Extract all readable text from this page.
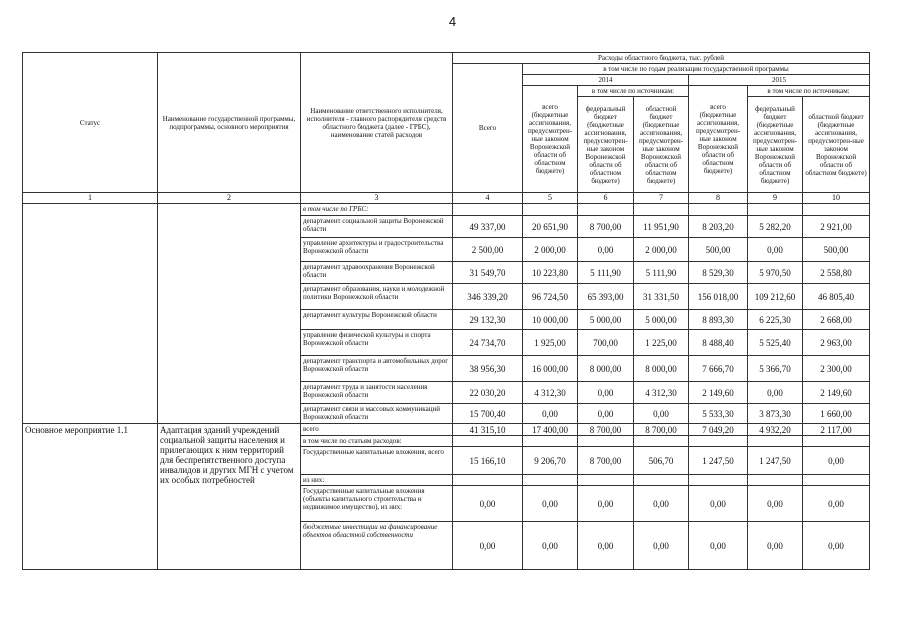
4
Статус	Наименование государственной программы, подпрограммы, основного мероприятия	Наименование ответственного исполнителя, исполнителя - главного распорядителя средств областного бюджета (далее - ГРБС), наименование статей расходов	Расходы областного бюджета, тыс. рублей						
			Всего	в том числе по годам реализации государственной программы					
				2014			2015		
				всего (бюджетные ассигнования, предусмотрен-ные законом Воронежской области об областном бюджете)	в том числе по источникам:		всего (бюджетные ассигнования, предусмотрен-ные законом Воронежской области об областном бюджете)	в том числе по источникам:	
					федеральный бюджет (бюджетные ассигнования, предусмотрен-ные законом Воронежской области об областном бюджете)	областной бюджет (бюджетные ассигнования, предусмотрен-ные законом Воронежской области об областном бюджете)		федеральный бюджет (бюджетные ассигнования, предусмотрен-ные законом Воронежской области об областном бюджете)	областной бюджет (бюджетные ассигнования, предусмотрен-ные законом Воронежской области об областном бюджете)
1	2	3	4	5	6	7	8	9	10
		в том числе по ГРБС:							
		департамент социальной защиты Воронежской области	49 337,00	20 651,90	8 700,00	11 951,90	8 203,20	5 282,20	2 921,00
		управление архитектуры и градостроительства Воронежской области	2 500,00	2 000,00	0,00	2 000,00	500,00	0,00	500,00
		департамент здравоохранения Воронежской области	31 549,70	10 223,80	5 111,90	5 111,90	8 529,30	5 970,50	2 558,80
		департамент образования, науки и молодежной политики Воронежской области	346 339,20	96 724,50	65 393,00	31 331,50	156 018,00	109 212,60	46 805,40
		департамент культуры Воронежской области	29 132,30	10 000,00	5 000,00	5 000,00	8 893,30	6 225,30	2 668,00
		управление физической культуры и спорта Воронежской области	24 734,70	1 925,00	700,00	1 225,00	8 488,40	5 525,40	2 963,00
		департамент транспорта и автомобильных дорог Воронежской области	38 956,30	16 000,00	8 000,00	8 000,00	7 666,70	5 366,70	2 300,00
		департамент труда и занятости населения Воронежской области	22 030,20	4 312,30	0,00	4 312,30	2 149,60	0,00	2 149,60
		департамент связи и массовых коммуникаций Воронежской области	15 700,40	0,00	0,00	0,00	5 533,30	3 873,30	1 660,00
Основное мероприятие 1.1	Адаптация зданий учреждений социальной защиты населения и прилегающих к ним территорий для беспрепятственного доступа инвалидов и других МГН с учетом их особых потребностей	всего	41 315,10	17 400,00	8 700,00	8 700,00	7 049,20	4 932,20	2 117,00
		в том числе по статьям расходов:							
		Государственные капитальные вложения, всего	15 166,10	9 206,70	8 700,00	506,70	1 247,50	1 247,50	0,00
		из них:							
		Государственные капитальные вложения (объекты капитального строительства и недвижимое имущество), из них:	0,00	0,00	0,00	0,00	0,00	0,00	0,00
		бюджетные инвестиции на финансирование объектов областной собственности	0,00	0,00	0,00	0,00	0,00	0,00	0,00
